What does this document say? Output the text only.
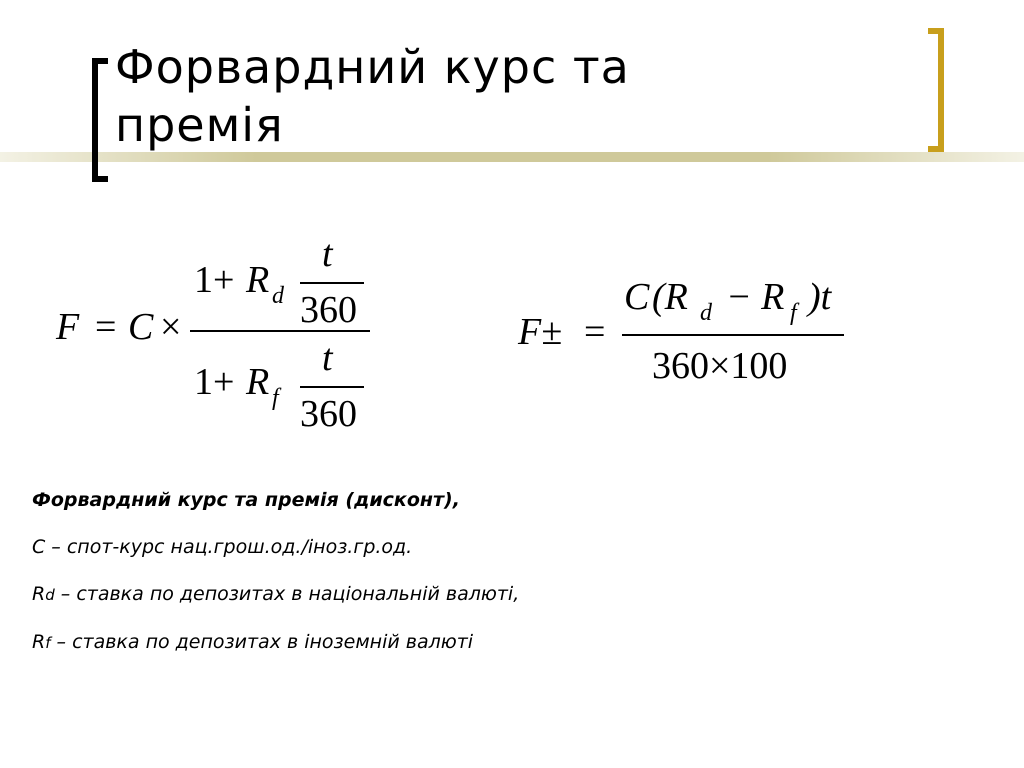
Форвардний курс та
премія
F = C ×
1+ R d
t
360
1+ R f
t
360
F± =
C (R d − R f )t
360×100

Форвардний курс та премія (дисконт),

C – спот-курс нац.грош.од./іноз.гр.од.

Rd – ставка по депозитах в національній валюті,

Rf – ставка по депозитах в іноземній валюті
